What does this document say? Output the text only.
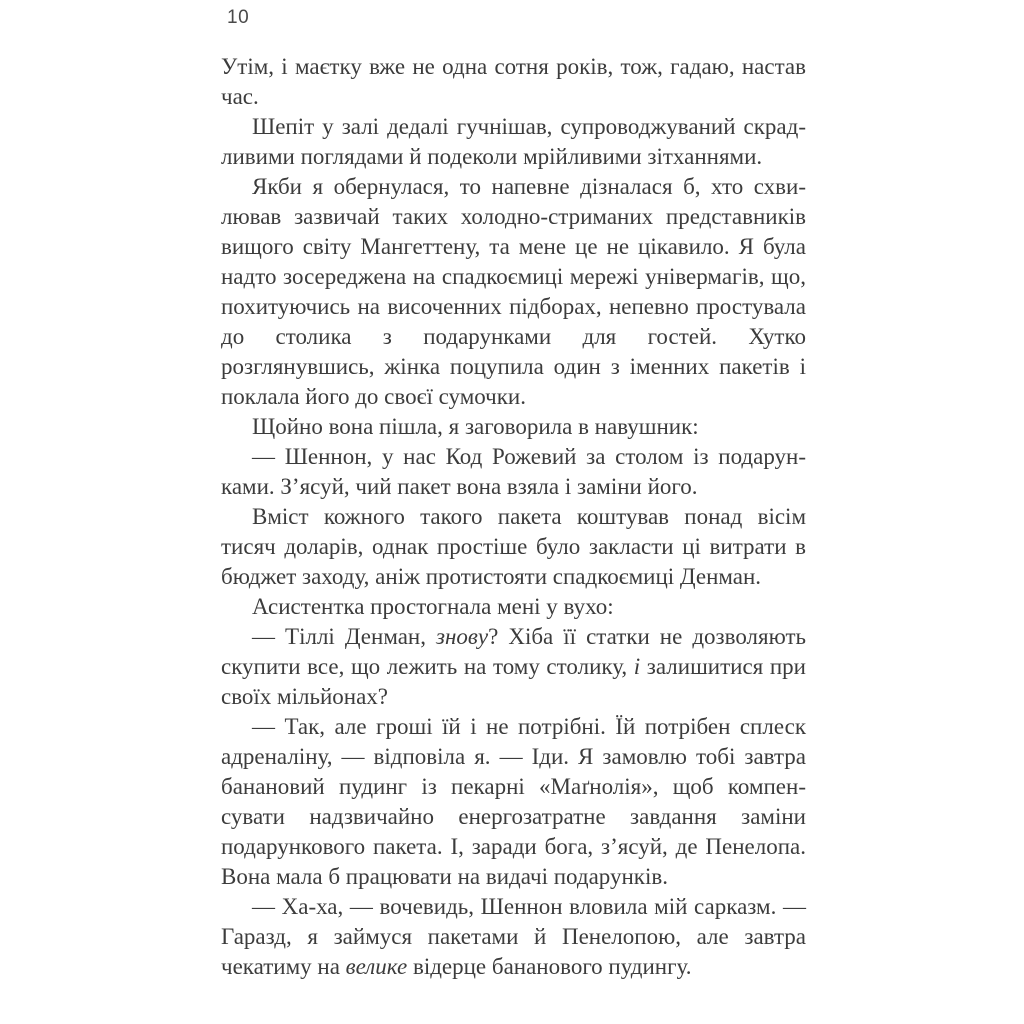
10

Утім, і маєтку вже не одна сотня років, тож, гадаю, настав час.

Шепіт у залі дедалі гучнішав, супроводжуваний скрадливими поглядами й подеколи мрійливими зітханнями.

Якби я обернулася, то напевне дізналася б, хто схвилював зазвичай таких холодно-стриманих представників вищого світу Мангеттену, та мене це не цікавило. Я була надто зосереджена на спадкоємиці мережі універмагів, що, похитуючись на височенних підборах, непевно простувала до столика з подарунками для гостей. Хутко розглянувшись, жінка поцупила один з іменних пакетів і поклала його до своєї сумочки.

Щойно вона пішла, я заговорила в навушник:

— Шеннон, у нас Код Рожевий за столом із подарунками. З’ясуй, чий пакет вона взяла і заміни його.

Вміст кожного такого пакета коштував понад вісім тисяч доларів, однак простіше було закласти ці витрати в бюджет заходу, аніж протистояти спадкоємиці Денман.

Асистентка простогнала мені у вухо:

— Тіллі Денман, знову? Хіба її статки не дозволяють скупити все, що лежить на тому столику, і залишитися при своїх мільйонах?

— Так, але гроші їй і не потрібні. Їй потрібен сплеск адреналіну, — відповіла я. — Іди. Я замовлю тобі завтра банановий пудинг із пекарні «Маґнолія», щоб компенсувати надзвичайно енергозатратне завдання заміни подарункового пакета. І, заради бога, з’ясуй, де Пенелопа. Вона мала б працювати на видачі подарунків.

— Ха-ха, — вочевидь, Шеннон вловила мій сарказм. — Гаразд, я займуся пакетами й Пенелопою, але завтра чекатиму на велике відерце бананового пудингу.
